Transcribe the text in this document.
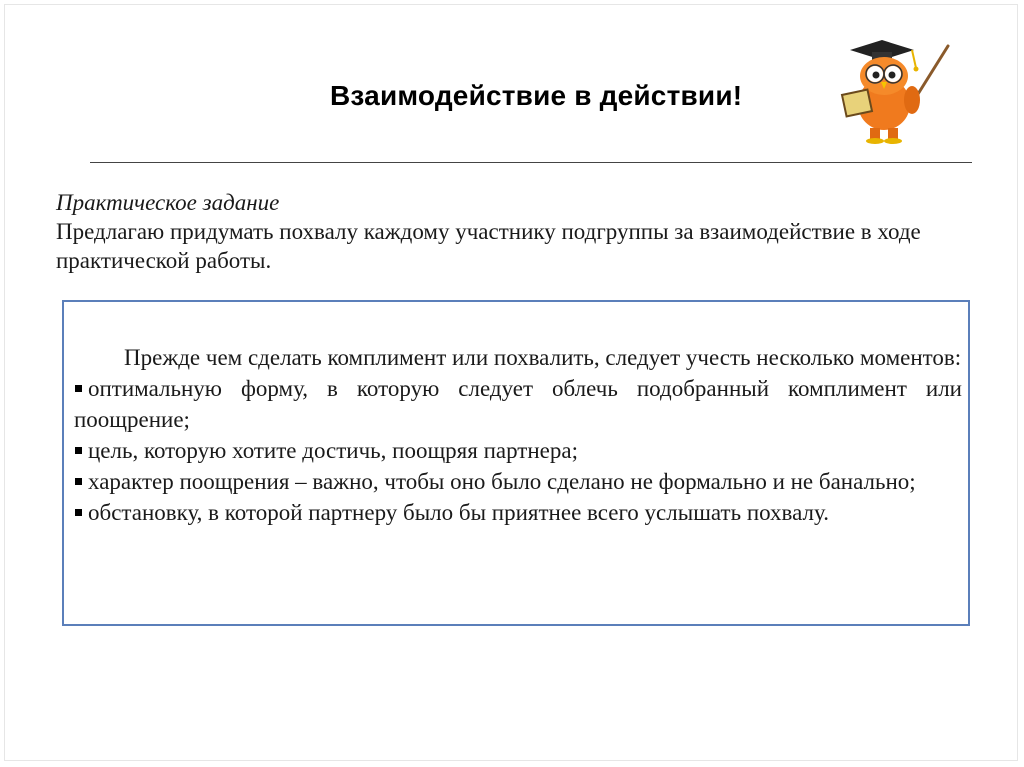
Взаимодействие в действии!
Практическое задание
Предлагаю придумать похвалу каждому участнику подгруппы за взаимодействие в ходе практической работы.

Прежде чем сделать комплимент или похвалить, следует учесть несколько моментов:

оптимальную форму, в которую следует облечь подобранный комплимент или поощрение;

цель, которую хотите достичь, поощряя партнера;

характер поощрения – важно, чтобы оно было сделано не формально и не банально;

обстановку, в которой партнеру было бы приятнее всего услышать похвалу.
